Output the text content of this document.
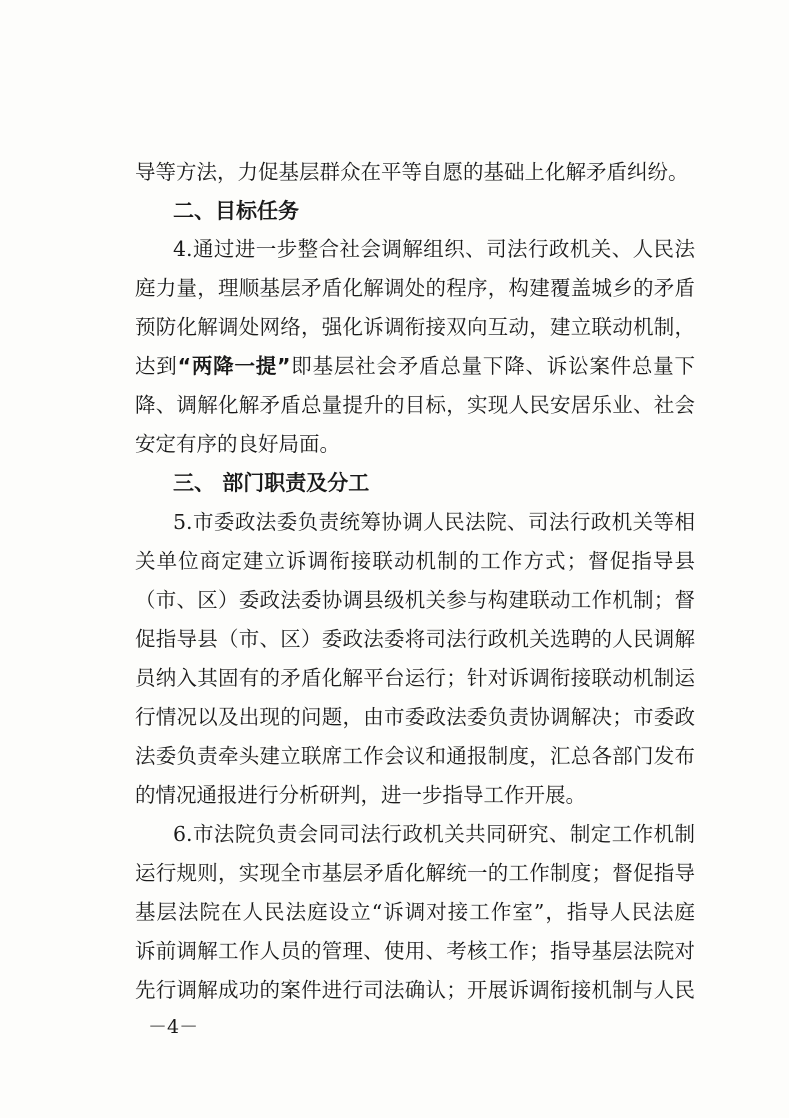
导等方法，力促基层群众在平等自愿的基础上化解矛盾纠纷。
二、目标任务
4.通过进一步整合社会调解组织、司法行政机关、人民法
庭力量，理顺基层矛盾化解调处的程序，构建覆盖城乡的矛盾
预防化解调处网络，强化诉调衔接双向互动，建立联动机制，
达到“两降一提”即基层社会矛盾总量下降、诉讼案件总量下
降、调解化解矛盾总量提升的目标，实现人民安居乐业、社会
安定有序的良好局面。
三、 部门职责及分工
5.市委政法委负责统筹协调人民法院、司法行政机关等相
关单位商定建立诉调衔接联动机制的工作方式；督促指导县
（市、区）委政法委协调县级机关参与构建联动工作机制；督
促指导县（市、区）委政法委将司法行政机关选聘的人民调解
员纳入其固有的矛盾化解平台运行；针对诉调衔接联动机制运
行情况以及出现的问题，由市委政法委负责协调解决；市委政
法委负责牵头建立联席工作会议和通报制度，汇总各部门发布
的情况通报进行分析研判，进一步指导工作开展。
6.市法院负责会同司法行政机关共同研究、制定工作机制
运行规则，实现全市基层矛盾化解统一的工作制度；督促指导
基层法院在人民法庭设立“诉调对接工作室”，指导人民法庭
诉前调解工作人员的管理、使用、考核工作；指导基层法院对
先行调解成功的案件进行司法确认；开展诉调衔接机制与人民
－4－
